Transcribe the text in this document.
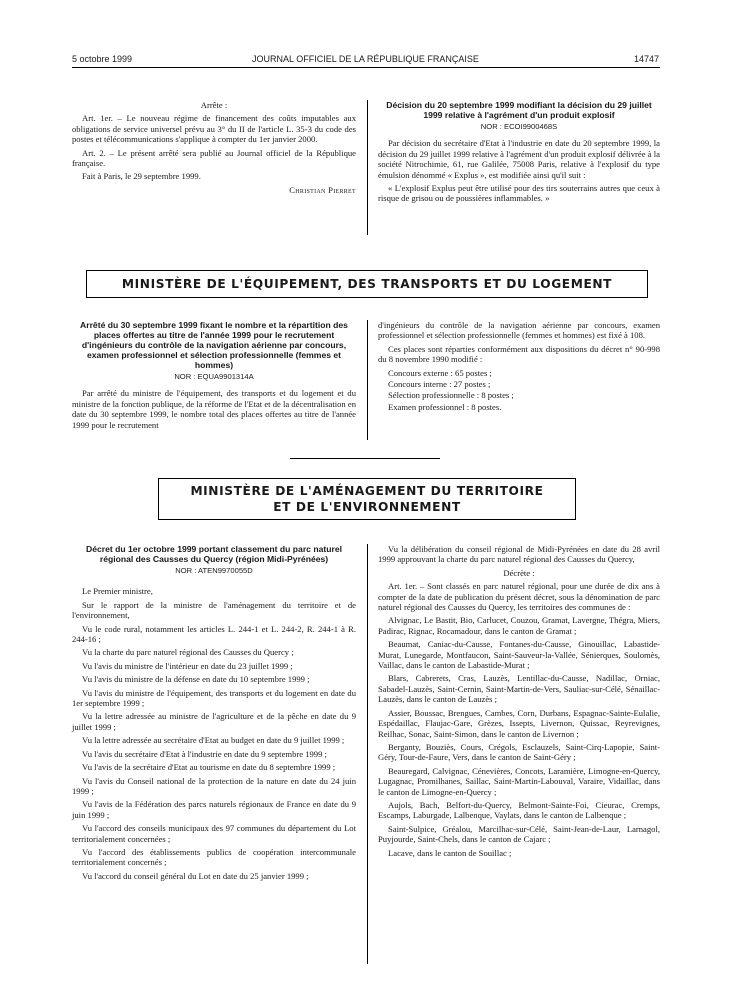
5 octobre 1999	JOURNAL OFFICIEL DE LA RÉPUBLIQUE FRANÇAISE	14747

Arrête :

Art. 1er. – Le nouveau régime de financement des coûts imputables aux obligations de service universel prévu au 3° du II de l'article L. 35-3 du code des postes et télécommunications s'applique à compter du 1er janvier 2000.

Art. 2. – Le présent arrêté sera publié au Journal officiel de la République française.

Fait à Paris, le 29 septembre 1999.

Christian Pierret

Décision du 20 septembre 1999 modifiant la décision du 29 juillet 1999 relative à l'agrément d'un produit explosif
NOR : ECOI9900468S

Par décision du secrétaire d'Etat à l'industrie en date du 20 septembre 1999, la décision du 29 juillet 1999 relative à l'agrément d'un produit explosif délivrée à la société Nitrochimie, 61, rue Galilée, 75008 Paris, relative à l'explosif du type émulsion dénommé « Explus », est modifiée ainsi qu'il suit :

« L'explosif Explus peut être utilisé pour des tirs souterrains autres que ceux à risque de grisou ou de poussières inflammables. »

MINISTÈRE DE L'ÉQUIPEMENT, DES TRANSPORTS ET DU LOGEMENT
Arrêté du 30 septembre 1999 fixant le nombre et la répartition des places offertes au titre de l'année 1999 pour le recrutement d'ingénieurs du contrôle de la navigation aérienne par concours, examen professionnel et sélection professionnelle (femmes et hommes)
NOR : EQUA9901314A

Par arrêté du ministre de l'équipement, des transports et du logement et du ministre de la fonction publique, de la réforme de l'Etat et de la décentralisation en date du 30 septembre 1999, le nombre total des places offertes au titre de l'année 1999 pour le recrutement

d'ingénieurs du contrôle de la navigation aérienne par concours, examen professionnel et sélection professionnelle (femmes et hommes) est fixé à 108.

Ces places sont réparties conformément aux dispositions du décret n° 90-998 du 8 novembre 1990 modifié :

Concours externe : 65 postes ;

Concours interne : 27 postes ;

Sélection professionnelle : 8 postes ;

Examen professionnel : 8 postes.

MINISTÈRE DE L'AMÉNAGEMENT DU TERRITOIRE
ET DE L'ENVIRONNEMENT
Décret du 1er octobre 1999 portant classement du parc naturel régional des Causses du Quercy (région Midi-Pyrénées)
NOR : ATEN9970055D

Le Premier ministre,

Sur le rapport de la ministre de l'aménagement du territoire et de l'environnement,

Vu le code rural, notamment les articles L. 244-1 et L. 244-2, R. 244-1 à R. 244-16 ;

Vu la charte du parc naturel régional des Causses du Quercy ;

Vu l'avis du ministre de l'intérieur en date du 23 juillet 1999 ;

Vu l'avis du ministre de la défense en date du 10 septembre 1999 ;

Vu l'avis du ministre de l'équipement, des transports et du logement en date du 1er septembre 1999 ;

Vu la lettre adressée au ministre de l'agriculture et de la pêche en date du 9 juillet 1999 ;

Vu la lettre adressée au secrétaire d'Etat au budget en date du 9 juillet 1999 ;

Vu l'avis du secrétaire d'Etat à l'industrie en date du 9 septembre 1999 ;

Vu l'avis de la secrétaire d'Etat au tourisme en date du 8 septembre 1999 ;

Vu l'avis du Conseil national de la protection de la nature en date du 24 juin 1999 ;

Vu l'avis de la Fédération des parcs naturels régionaux de France en date du 9 juin 1999 ;

Vu l'accord des conseils municipaux des 97 communes du département du Lot territorialement concernées ;

Vu l'accord des établissements publics de coopération intercommunale territorialement concernés ;

Vu l'accord du conseil général du Lot en date du 25 janvier 1999 ;

Vu la délibération du conseil régional de Midi-Pyrénées en date du 28 avril 1999 approuvant la charte du parc naturel régional des Causses du Quercy,

Décrète :

Art. 1er. – Sont classés en parc naturel régional, pour une durée de dix ans à compter de la date de publication du présent décret, sous la dénomination de parc naturel régional des Causses du Quercy, les territoires des communes de :

Alvignac, Le Bastit, Bio, Carlucet, Couzou, Gramat, Lavergne, Thégra, Miers, Padirac, Rignac, Rocamadour, dans le canton de Gramat ;

Beaumat, Caniac-du-Causse, Fontanes-du-Causse, Ginouillac, Labastide-Murat, Lunegarde, Montfaucon, Saint-Sauveur-la-Vallée, Sénierques, Soulomès, Vaillac, dans le canton de Labastide-Murat ;

Blars, Cabrerets, Cras, Lauzès, Lentillac-du-Causse, Nadillac, Orniac, Sabadel-Lauzès, Saint-Cernin, Saint-Martin-de-Vers, Sauliac-sur-Célé, Sénaillac-Lauzès, dans le canton de Lauzès ;

Assier, Boussac, Brengues, Cambes, Corn, Durbans, Espagnac-Sainte-Eulalie, Espédaillac, Flaujac-Gare, Grèzes, Issepts, Livernon, Quissac, Reyrevignes, Reilhac, Sonac, Saint-Simon, dans le canton de Livernon ;

Berganty, Bouziès, Cours, Crégols, Esclauzels, Saint-Cirq-Lapopie, Saint-Géry, Tour-de-Faure, Vers, dans le canton de Saint-Géry ;

Beauregard, Calvignac, Cénevières, Concots, Laramière, Limogne-en-Quercy, Lugagnac, Promilhanes, Saillac, Saint-Martin-Labouval, Varaire, Vidaillac, dans le canton de Limogne-en-Quercy ;

Aujols, Bach, Belfort-du-Quercy, Belmont-Sainte-Foi, Cieurac, Cremps, Escamps, Laburgade, Lalbenque, Vaylats, dans le canton de Lalbenque ;

Saint-Sulpice, Gréalou, Marcilhac-sur-Célé, Saint-Jean-de-Laur, Larnagol, Puyjourde, Saint-Chels, dans le canton de Cajarc ;

Lacave, dans le canton de Souillac ;
